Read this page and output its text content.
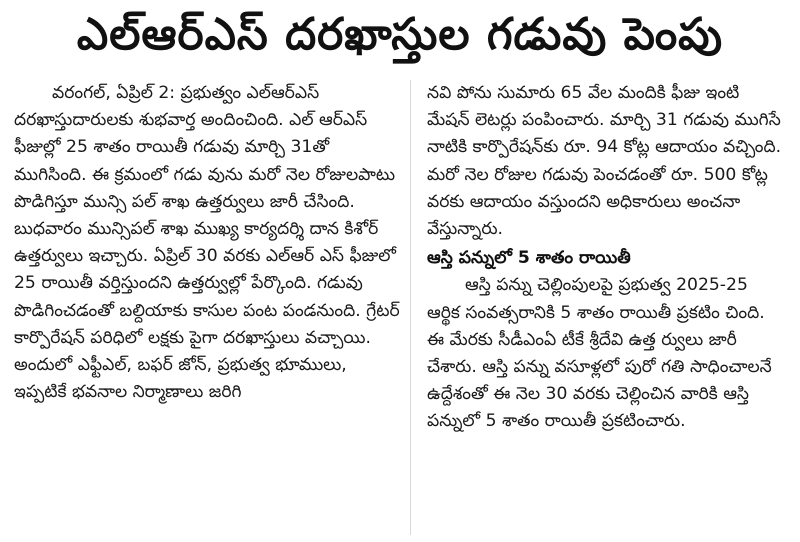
ఎల్ఆర్ఎస్ దరఖాస్తుల గడువు పెంపు

వరంగల్, ఏప్రిల్ 2: ప్రభుత్వం ఎల్ఆర్ఎస్ దరఖాస్తుదారులకు శుభవార్త అందించింది. ఎల్ ఆర్ఎస్ ఫీజుల్లో 25 శాతం రాయితీ గడువు మార్చి 31తో ముగిసింది. ఈ క్రమంలో గడు వును మరో నెల రోజులపాటు పొడిగిస్తూ మున్సి పల్ శాఖ ఉత్తర్వులు జారీ చేసింది. బుధవారం మున్సిపల్ శాఖ ముఖ్య కార్యదర్శి దాన కిశోర్ ఉత్తర్వులు ఇచ్చారు. ఏప్రిల్ 30 వరకు ఎల్ఆర్ ఎస్ ఫీజులో 25 రాయితీ వర్తిస్తుందని ఉత్తర్వుల్లో పేర్కొంది. గడువు పొడిగించడంతో బల్దియాకు కాసుల పంట పండనుంది. గ్రేటర్ కార్పొరేషన్ పరిధిలో లక్షకు పైగా దరఖాస్తులు వచ్చాయి. అందులో ఎఫ్టీఎల్, బఫర్ జోన్, ప్రభుత్వ భూములు, ఇప్పటికే భవనాల నిర్మాణాలు జరిగి

నవి పోను సుమారు 65 వేల మందికి ఫీజు ఇంటి మేషన్ లెటర్లు పంపించారు. మార్చి 31 గడువు ముగిసే నాటికి కార్పొరేషన్‌కు రూ. 94 కోట్ల ఆదాయం వచ్చింది. మరో నెల రోజుల గడువు పెంచడంతో రూ. 500 కోట్ల వరకు ఆదాయం వస్తుందని అధికారులు అంచనా వేస్తున్నారు.

ఆస్తి పన్నులో 5 శాతం రాయితీ

ఆస్తి పన్ను చెల్లింపులపై ప్రభుత్వ 2025-25 ఆర్థిక సంవత్సరానికి 5 శాతం రాయితీ ప్రకటిం చింది. ఈ మేరకు సీడీఎంఏ టీకే శ్రీదేవి ఉత్త ర్వులు జారీ చేశారు. ఆస్తి పన్ను వసూళ్లలో పురో గతి సాధించాలనే ఉద్దేశంతో ఈ నెల 30 వరకు చెల్లించిన వారికి ఆస్తి పన్నులో 5 శాతం రాయితీ ప్రకటించారు.
